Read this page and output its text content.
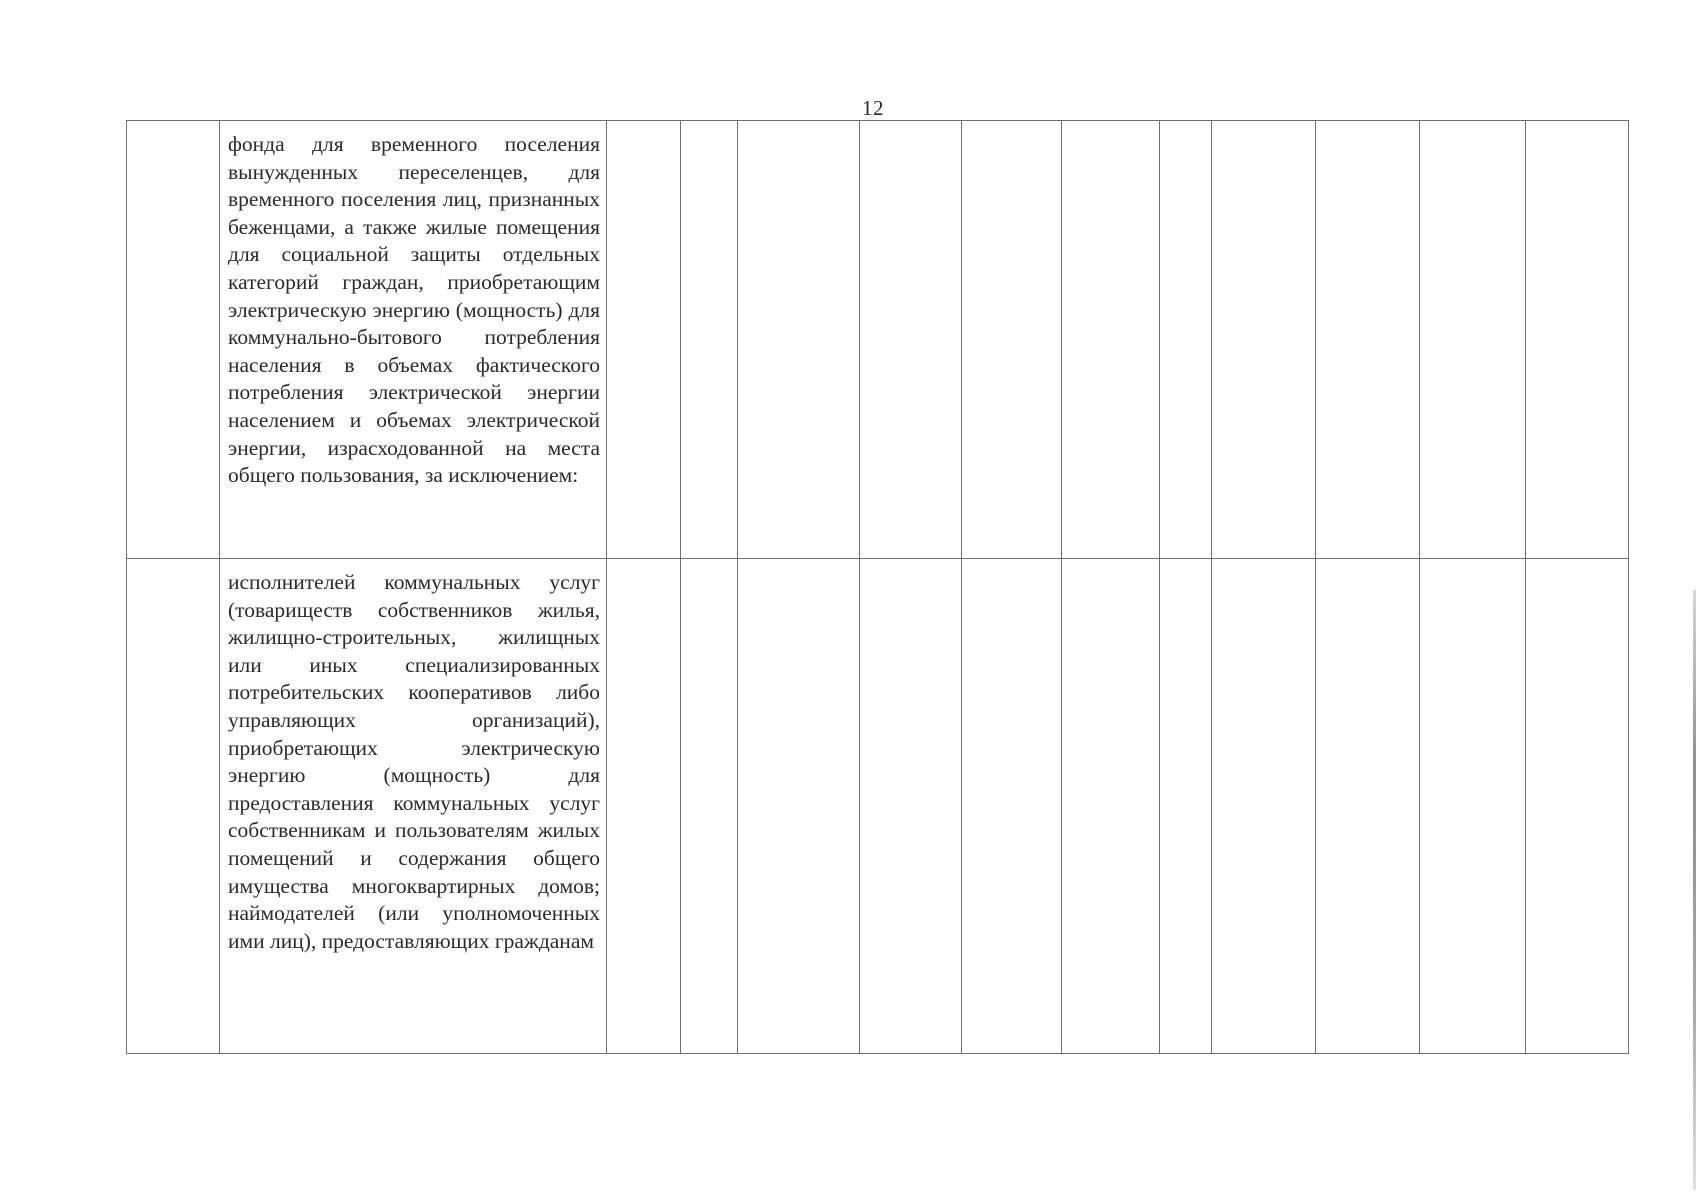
12

	фонда для временного поселения вынужденных переселенцев, для временного поселения лиц, признанных беженцами, а также жилые помещения для социальной защиты отдельных категорий граждан, приобретающим электрическую энергию (мощность) для коммунально-бытового потребления населения в объемах фактического потребления электрической энергии населением и объемах электрической энергии, израсходованной на места общего пользования, за исключением:											

	исполнителей коммунальных услуг (товариществ собственников жилья, жилищно-строительных, жилищных или иных специализированных потребительских кооперативов либо управляющих организаций), приобретающих электрическую энергию (мощность) для предоставления коммунальных услуг собственникам и пользователям жилых помещений и содержания общего имущества многоквартирных домов; наймодателей (или уполномоченных ими лиц), предоставляющих гражданам											
